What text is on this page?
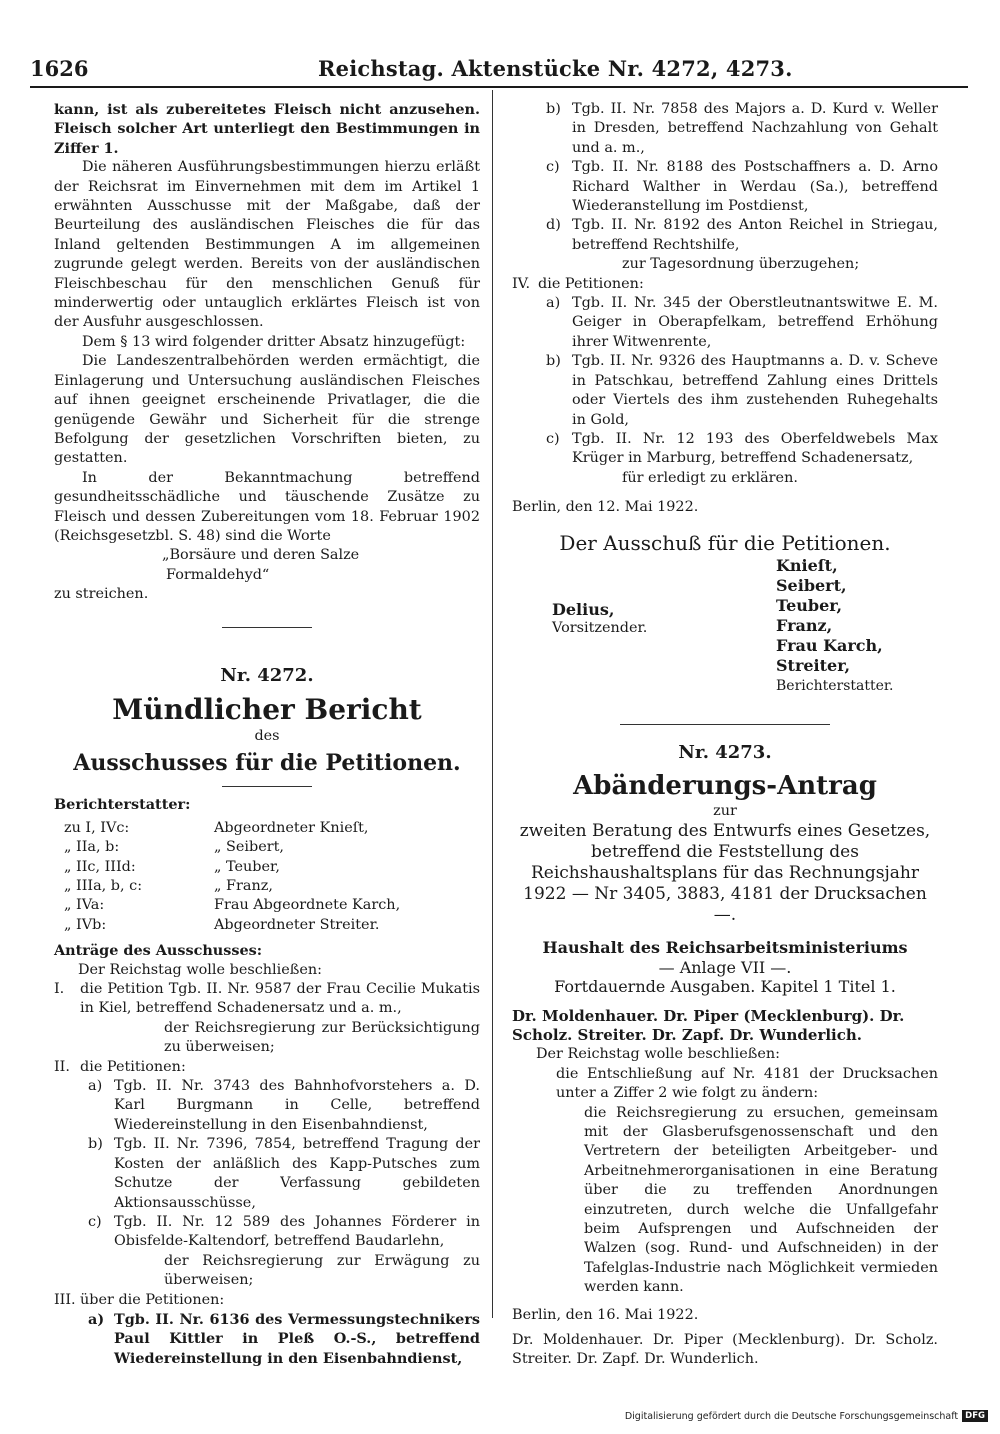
1626	Reichstag. Aktenstücke Nr. 4272, 4273.

kann, ist als zubereitetes Fleisch nicht anzusehen. Fleisch solcher Art unterliegt den Bestimmungen in Ziffer 1.

Die näheren Ausführungsbestimmungen hierzu erläßt der Reichsrat im Einvernehmen mit dem im Artikel 1 erwähnten Ausschusse mit der Maßgabe, daß der Beurteilung des ausländischen Fleisches die für das Inland geltenden Bestimmungen A im allgemeinen zugrunde gelegt werden. Bereits von der ausländischen Fleischbeschau für den menschlichen Genuß für minderwertig oder untauglich erklärtes Fleisch ist von der Ausfuhr ausgeschlossen.

Dem § 13 wird folgender dritter Absatz hinzugefügt:

Die Landeszentralbehörden werden ermächtigt, die Einlagerung und Untersuchung ausländischen Fleisches auf ihnen geeignet erscheinende Privatlager, die die genügende Gewähr und Sicherheit für die strenge Befolgung der gesetzlichen Vorschriften bieten, zu gestatten.

In der Bekanntmachung betreffend gesundheitsschädliche und täuschende Zusätze zu Fleisch und dessen Zubereitungen vom 18. Februar 1902 (Reichsgesetzbl. S. 48) sind die Worte

„Borsäure und deren Salze

Formaldehyd“

zu streichen.

Nr. 4272.

Mündlicher Bericht

des

Ausschusses für die Petitionen.

Berichterstatter:

zu I, IVc:	Abgeordneter Knieſt,
„ IIa, b:	„ Seibert,
„ IIc, IIId:	„ Teuber,
„ IIIa, b, c:	„ Franz,
„ IVa:	Frau Abgeordnete Karch,
„ IVb:	Abgeordneter Streiter.

Anträge des Ausschusses:

Der Reichstag wolle beschließen:

I.	die Petition Tgb. II. Nr. 9587 der Frau Cecilie Mukatis in Kiel, betreffend Schadenersatz und a. m.,

der Reichsregierung zur Berücksichtigung zu überweisen;

II. die Petitionen:
a) Tgb. II. Nr. 3743 des Bahnhofvorstehers a. D. Karl Burgmann in Celle, betreffend Wiedereinstellung in den Eisenbahndienst,
b) Tgb. II. Nr. 7396, 7854, betreffend Tragung der Kosten der anläßlich des Kapp-Putsches zum Schutze der Verfassung gebildeten Aktionsausschüsse,
c) Tgb. II. Nr. 12 589 des Johannes Förderer in Obisfelde-Kaltendorf, betreffend Baudarlehn,

der Reichsregierung zur Erwägung zu überweisen;

III. über die Petitionen:
a) Tgb. II. Nr. 6136 des Vermessungstechnikers Paul Kittler in Pleß O.-S., betreffend Wiedereinstellung in den Eisenbahndienst,
b) Tgb. II. Nr. 7858 des Majors a. D. Kurd v. Weller in Dresden, betreffend Nachzahlung von Gehalt und a. m.,
c) Tgb. II. Nr. 8188 des Postschaffners a. D. Arno Richard Walther in Werdau (Sa.), betreffend Wiederanstellung im Postdienst,
d) Tgb. II. Nr. 8192 des Anton Reichel in Striegau, betreffend Rechtshilfe,

zur Tagesordnung überzugehen;

IV. die Petitionen:
a) Tgb. II. Nr. 345 der Oberstleutnantswitwe E. M. Geiger in Oberapfelkam, betreffend Erhöhung ihrer Witwenrente,
b) Tgb. II. Nr. 9326 des Hauptmanns a. D. v. Scheve in Patschkau, betreffend Zahlung eines Drittels oder Viertels des ihm zustehenden Ruhegehalts in Gold,
c) Tgb. II. Nr. 12 193 des Oberfeldwebels Max Krüger in Marburg, betreffend Schadenersatz,

für erledigt zu erklären.

Berlin, den 12. Mai 1922.

Der Ausschuß für die Petitionen.

Delius,

Vorsitzender.

Knieſt,

Seibert,

Teuber,

Franz,

Frau Karch,

Streiter,

Berichterstatter.

Nr. 4273.

Abänderungs-Antrag

zur

zweiten Beratung des Entwurfs eines Gesetzes, betreffend die Feststellung des Reichshaushaltsplans für das Rechnungsjahr 1922 — Nr 3405, 3883, 4181 der Drucksachen —.

Haushalt des Reichsarbeitsministeriums

— Anlage VII —.

Fortdauernde Ausgaben. Kapitel 1 Titel 1.

Dr. Moldenhauer. Dr. Piper (Mecklenburg). Dr. Scholz. Streiter. Dr. Zapf. Dr. Wunderlich.

Der Reichstag wolle beschließen:

die Entschließung auf Nr. 4181 der Drucksachen unter a Ziffer 2 wie folgt zu ändern:

die Reichsregierung zu ersuchen, gemeinsam mit der Glasberufsgenossenschaft und den Vertretern der beteiligten Arbeitgeber- und Arbeitnehmerorganisationen in eine Beratung über die zu treffenden Anordnungen einzutreten, durch welche die Unfallgefahr beim Aufsprengen und Aufschneiden der Walzen (sog. Rund- und Aufschneiden) in der Tafelglas-Industrie nach Möglichkeit vermieden werden kann.

Berlin, den 16. Mai 1922.

Dr. Moldenhauer. Dr. Piper (Mecklenburg). Dr. Scholz. Streiter. Dr. Zapf. Dr. Wunderlich.

Digitalisierung gefördert durch die Deutsche Forschungsgemeinschaft DFG
